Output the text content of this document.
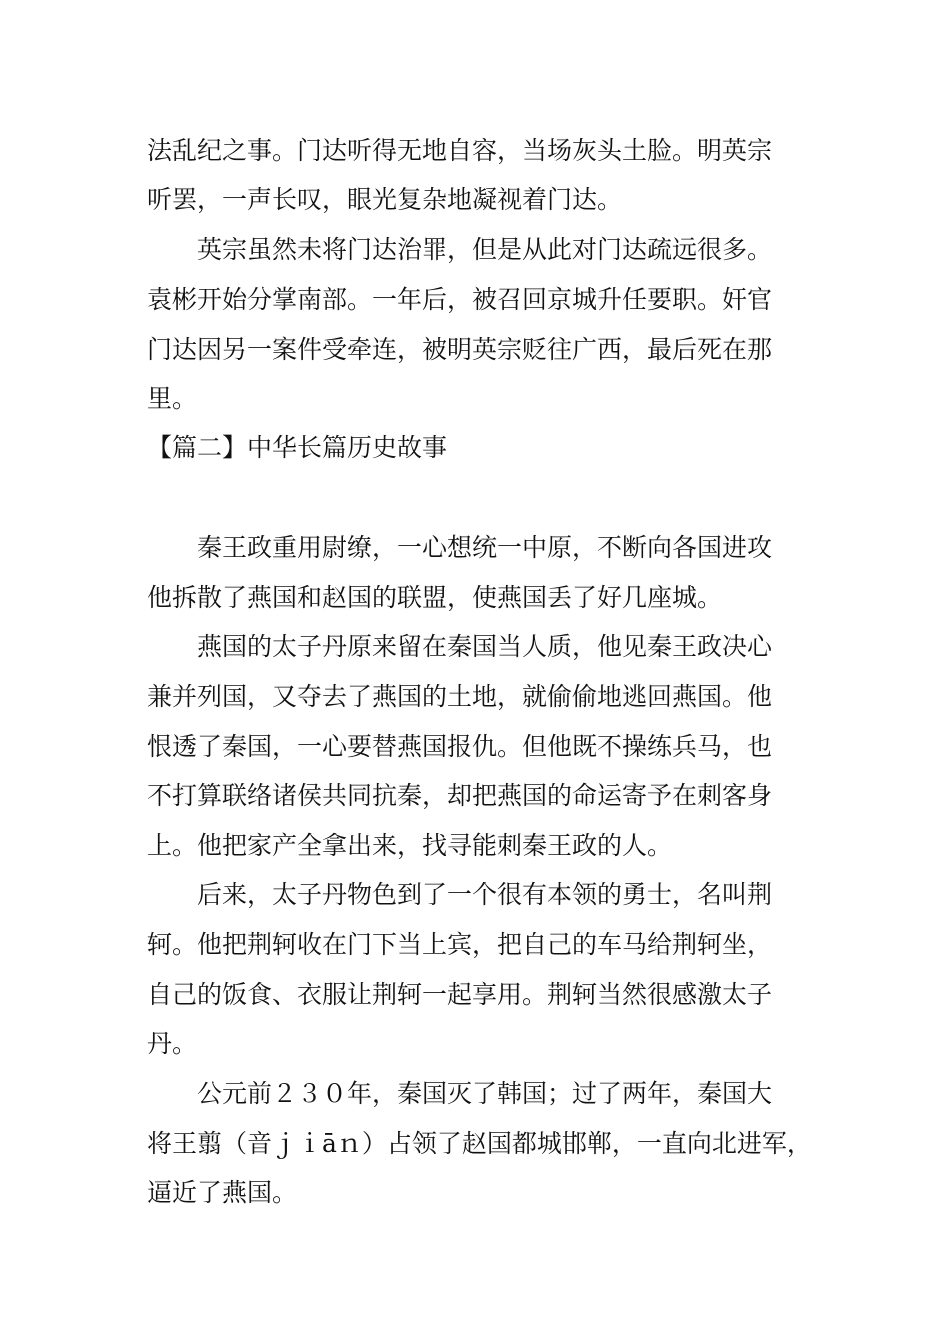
法乱纪之事。门达听得无地自容，当场灰头土脸。明英宗
听罢，一声长叹，眼光复杂地凝视着门达。
英宗虽然未将门达治罪，但是从此对门达疏远很多。
袁彬开始分掌南部。一年后，被召回京城升任要职。奸官
门达因另一案件受牵连，被明英宗贬往广西，最后死在那
里。
【篇二】中华长篇历史故事
秦王政重用尉缭，一心想统一中原，不断向各国进攻
他拆散了燕国和赵国的联盟，使燕国丢了好几座城。
燕国的太子丹原来留在秦国当人质，他见秦王政决心
兼并列国，又夺去了燕国的土地，就偷偷地逃回燕国。他
恨透了秦国，一心要替燕国报仇。但他既不操练兵马，也
不打算联络诸侯共同抗秦，却把燕国的命运寄予在刺客身
上。他把家产全拿出来，找寻能刺秦王政的人。
后来，太子丹物色到了一个很有本领的勇士，名叫荆
轲。他把荆轲收在门下当上宾，把自己的车马给荆轲坐，
自己的饭食、衣服让荆轲一起享用。荆轲当然很感激太子
丹。
公元前２３０年，秦国灭了韩国；过了两年，秦国大
将王翦（音ｊｉāｎ）占领了赵国都城邯郸，一直向北进军，
逼近了燕国。
